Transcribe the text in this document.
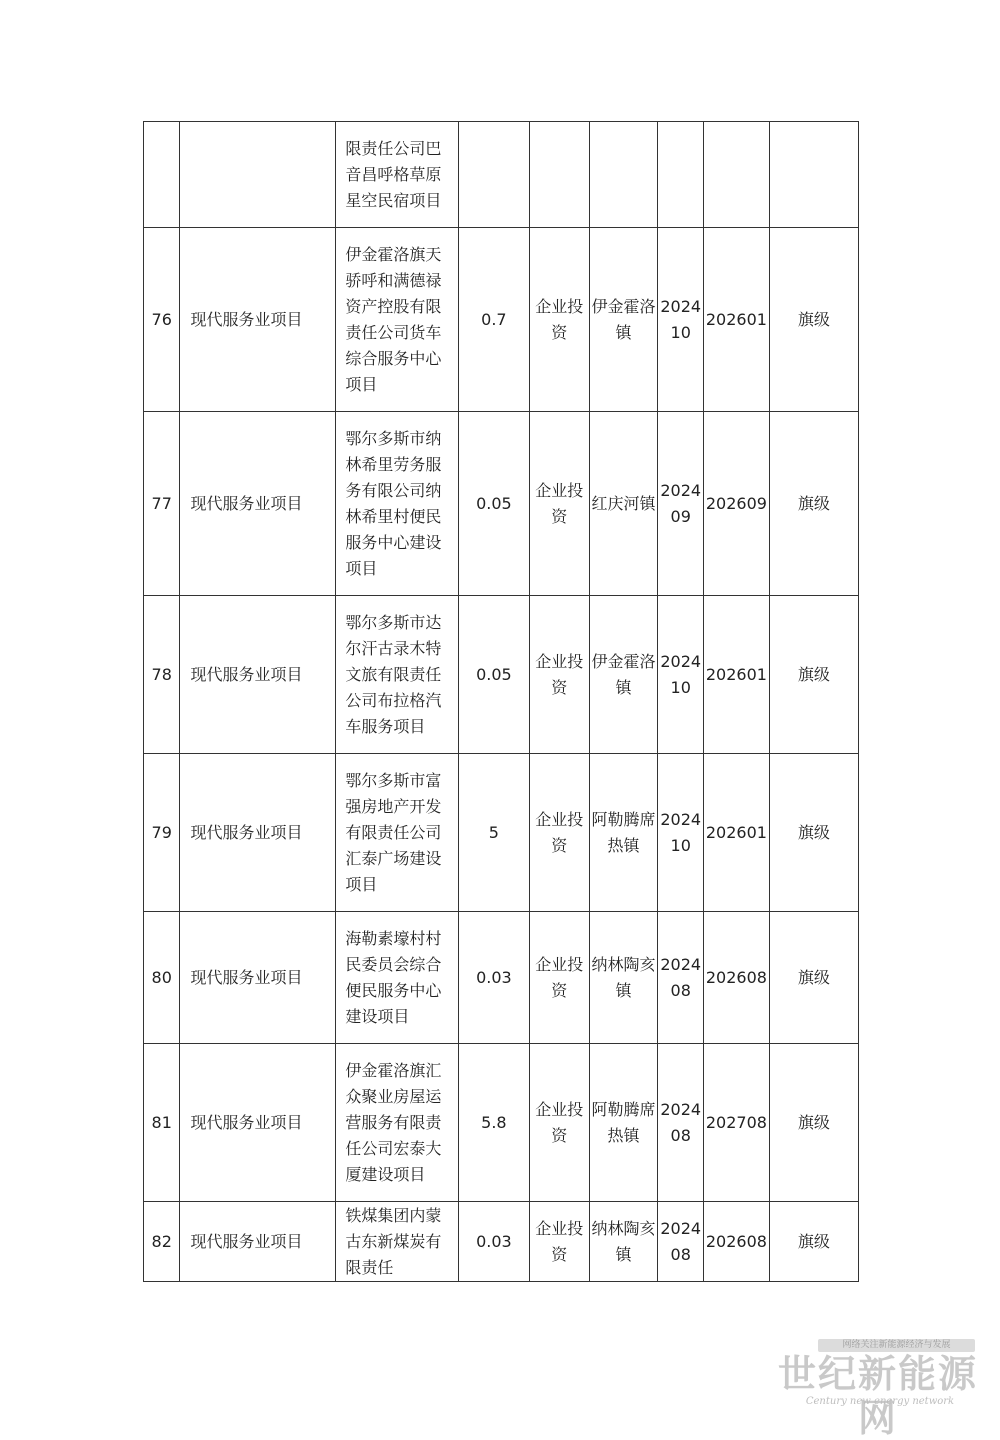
		限责任公司巴音昌呼格草原星空民宿项目						

76	现代服务业项目	伊金霍洛旗天骄呼和满德禄资产控股有限责任公司货车综合服务中心项目	0.7	企业投资	伊金霍洛镇	202410	202601	旗级

77	现代服务业项目	鄂尔多斯市纳林希里劳务服务有限公司纳林希里村便民服务中心建设项目	0.05	企业投资	红庆河镇	202409	202609	旗级

78	现代服务业项目	鄂尔多斯市达尔汗古录木特文旅有限责任公司布拉格汽车服务项目	0.05	企业投资	伊金霍洛镇	202410	202601	旗级

79	现代服务业项目	鄂尔多斯市富强房地产开发有限责任公司汇泰广场建设项目	5	企业投资	阿勒腾席热镇	202410	202601	旗级

80	现代服务业项目	海勒素壕村村民委员会综合便民服务中心建设项目	0.03	企业投资	纳林陶亥镇	202408	202608	旗级

81	现代服务业项目	伊金霍洛旗汇众聚业房屋运营服务有限责任公司宏泰大厦建设项目	5.8	企业投资	阿勒腾席热镇	202408	202708	旗级

82	现代服务业项目	铁煤集团内蒙古东新煤炭有限责任	0.03	企业投资	纳林陶亥镇	202408	202608	旗级
网络关注新能源经济与发展
世纪新能源网
Century new energy network
